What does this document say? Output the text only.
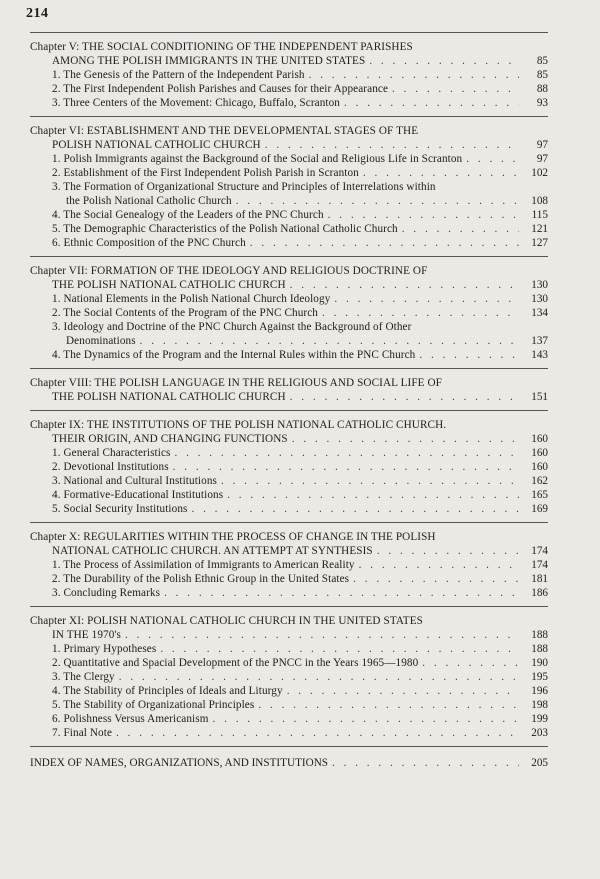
214
Chapter V: THE SOCIAL CONDITIONING OF THE INDEPENDENT PARISHES
AMONG THE POLISH IMMIGRANTS IN THE UNITED STATES . . .	85
1. The Genesis of the Pattern of the Independent Parish . . .	85
2. The First Independent Polish Parishes and Causes for their Appearance . . .	88
3. Three Centers of the Movement: Chicago, Buffalo, Scranton . . .	93
Chapter VI: ESTABLISHMENT AND THE DEVELOPMENTAL STAGES OF THE
POLISH NATIONAL CATHOLIC CHURCH . . .	97
1. Polish Immigrants against the Background of the Social and Religious Life in Scranton . . .	97
2. Establishment of the First Independent Polish Parish in Scranton . . .	102
3. The Formation of Organizational Structure and Principles of Interrelations within
the Polish National Catholic Church . . .	108
4. The Social Genealogy of the Leaders of the PNC Church . . .	115
5. The Demographic Characteristics of the Polish National Catholic Church . . .	121
6. Ethnic Composition of the PNC Church . . .	127
Chapter VII: FORMATION OF THE IDEOLOGY AND RELIGIOUS DOCTRINE OF
THE POLISH NATIONAL CATHOLIC CHURCH . . .	130
1. National Elements in the Polish National Church Ideology . . .	130
2. The Social Contents of the Program of the PNC Church . . .	134
3. Ideology and Doctrine of the PNC Church Against the Background of Other
Denominations . . .	137
4. The Dynamics of the Program and the Internal Rules within the PNC Church . . .	143
Chapter VIII: THE POLISH LANGUAGE IN THE RELIGIOUS AND SOCIAL LIFE OF
THE POLISH NATIONAL CATHOLIC CHURCH . . .	151
Chapter IX: THE INSTITUTIONS OF THE POLISH NATIONAL CATHOLIC CHURCH.
THEIR ORIGIN, AND CHANGING FUNCTIONS . . .	160
1. General Characteristics . . .	160
2. Devotional Institutions . . .	160
3. National and Cultural Institutions . . .	162
4. Formative-Educational Institutions . . .	165
5. Social Security Institutions . . .	169
Chapter X: REGULARITIES WITHIN THE PROCESS OF CHANGE IN THE POLISH
NATIONAL CATHOLIC CHURCH. AN ATTEMPT AT SYNTHESIS . . .	174
1. The Process of Assimilation of Immigrants to American Reality . . .	174
2. The Durability of the Polish Ethnic Group in the United States . . .	181
3. Concluding Remarks . . .	186
Chapter XI: POLISH NATIONAL CATHOLIC CHURCH IN THE UNITED STATES
IN THE 1970's . . .	188
1. Primary Hypotheses . . .	188
2. Quantitative and Spacial Development of the PNCC in the Years 1965—1980 . . .	190
3. The Clergy . . .	195
4. The Stability of Principles of Ideals and Liturgy . . .	196
5. The Stability of Organizational Principles . . .	198
6. Polishness Versus Americanism . . .	199
7. Final Note . . .	203
INDEX OF NAMES, ORGANIZATIONS, AND INSTITUTIONS . . .	205
